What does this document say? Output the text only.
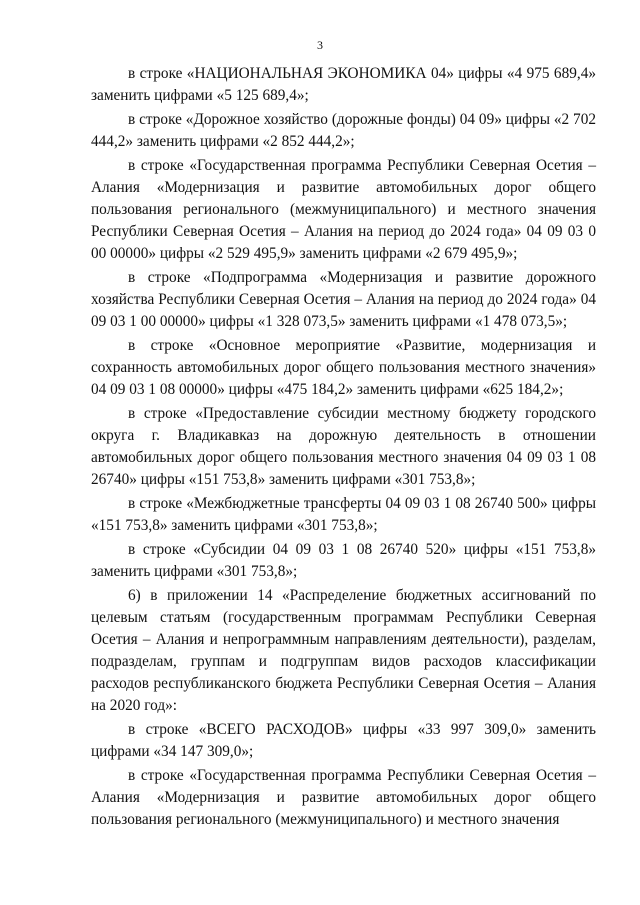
3

в строке «НАЦИОНАЛЬНАЯ ЭКОНОМИКА 04» цифры «4 975 689,4» заменить цифрами «5 125 689,4»;

в строке «Дорожное хозяйство (дорожные фонды) 04 09» цифры «2 702 444,2» заменить цифрами «2 852 444,2»;

в строке «Государственная программа Республики Северная Осетия – Алания «Модернизация и развитие автомобильных дорог общего пользования регионального (межмуниципального) и местного значения Республики Северная Осетия – Алания на период до 2024 года» 04 09 03 0 00 00000» цифры «2 529 495,9» заменить цифрами «2 679 495,9»;

в строке «Подпрограмма «Модернизация и развитие дорожного хозяйства Республики Северная Осетия – Алания на период до 2024 года» 04 09 03 1 00 00000» цифры «1 328 073,5» заменить цифрами «1 478 073,5»;

в строке «Основное мероприятие «Развитие, модернизация и сохранность автомобильных дорог общего пользования местного значения» 04 09 03 1 08 00000» цифры «475 184,2» заменить цифрами «625 184,2»;

в строке «Предоставление субсидии местному бюджету городского округа г. Владикавказ на дорожную деятельность в отношении автомобильных дорог общего пользования местного значения 04 09 03 1 08 26740» цифры «151 753,8» заменить цифрами «301 753,8»;

в строке «Межбюджетные трансферты 04 09 03 1 08 26740 500» цифры «151 753,8» заменить цифрами «301 753,8»;

в строке «Субсидии 04 09 03 1 08 26740 520» цифры «151 753,8» заменить цифрами «301 753,8»;

6) в приложении 14 «Распределение бюджетных ассигнований по целевым статьям (государственным программам Республики Северная Осетия – Алания и непрограммным направлениям деятельности), разделам, подразделам, группам и подгруппам видов расходов классификации расходов республиканского бюджета Республики Северная Осетия – Алания на 2020 год»:

в строке «ВСЕГО РАСХОДОВ» цифры «33 997 309,0» заменить цифрами «34 147 309,0»;

в строке «Государственная программа Республики Северная Осетия – Алания «Модернизация и развитие автомобильных дорог общего пользования регионального (межмуниципального) и местного значения
